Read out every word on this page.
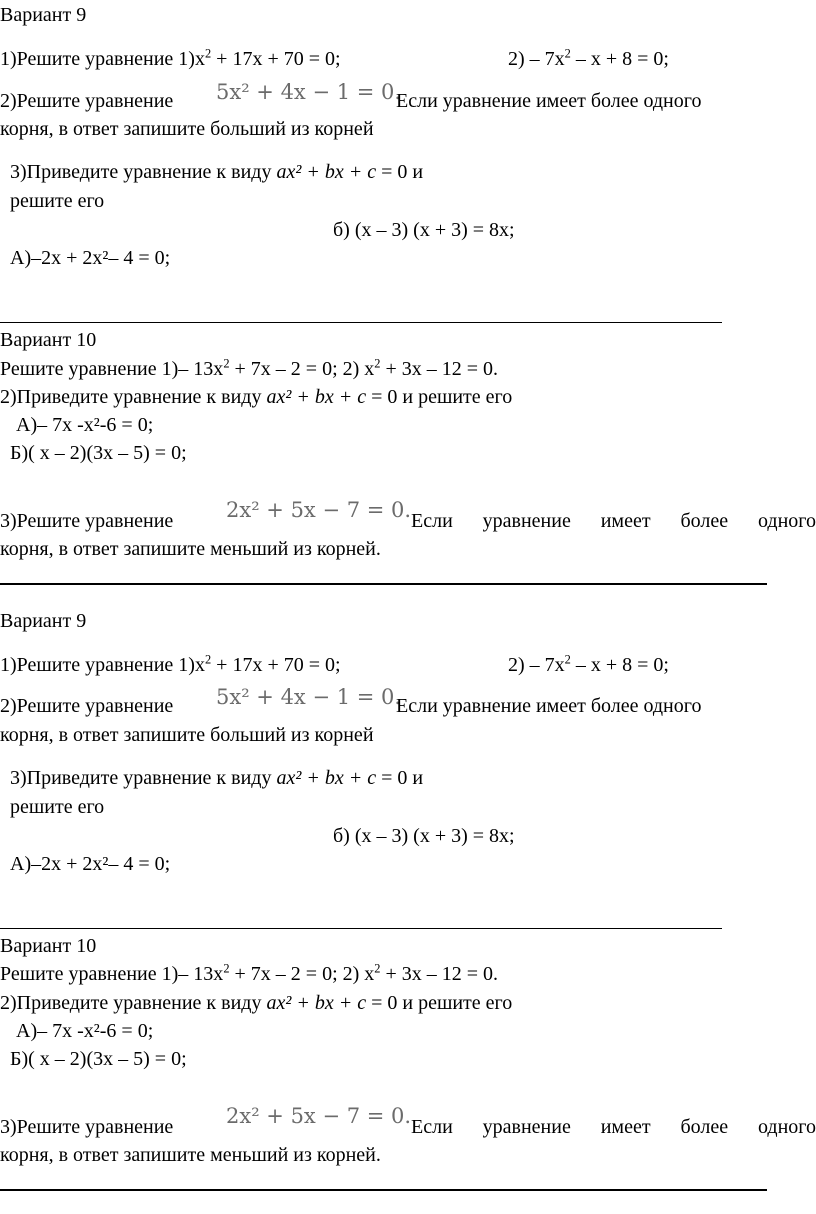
Вариант 9
1)Решите уравнение $1)x^2 + 17x + 70 = 0$;	$2) - 7x^2 - x + 8 = 0$;
2)Решите уравнение 5x² + 4x − 1 = 0.
Если уравнение имеет более одного
корня, в ответ запишите больший из корней
3)Приведите уравнение к виду ax² + bx + c = 0 и
решите его
б) (x – 3) (x + 3) = 8x;
А)–2x + 2x²– 4 = 0;
Вариант 10
Решите уравнение 1)– $13x^2 + 7x - 2 = 0$; 2) $x^2 + 3x - 12 = 0$.
2)Приведите уравнение к виду ax² + bx + c = 0 и решите его
А)– 7x -x²-6 = 0;
Б)( x – 2)(3x – 5) = 0;
3)Решите уравнение	2x² + 5x − 7 = 0. Если уравнение имеет более одного
корня, в ответ запишите меньший из корней.
Вариант 9
1)Решите уравнение $1)x^2 + 17x + 70 = 0$;	$2) - 7x^2 - x + 8 = 0$;
2)Решите уравнение 5x² + 4x − 1 = 0.
Если уравнение имеет более одного
корня, в ответ запишите больший из корней
3)Приведите уравнение к виду ax² + bx + c = 0 и
решите его
б) (x – 3) (x + 3) = 8x;
А)–2x + 2x²– 4 = 0;
Вариант 10
Решите уравнение 1)– $13x^2 + 7x - 2 = 0$; 2) $x^2 + 3x - 12 = 0$.
2)Приведите уравнение к виду ax² + bx + c = 0 и решите его
А)– 7x -x²-6 = 0;
Б)( x – 2)(3x – 5) = 0;
3)Решите уравнение	2x² + 5x − 7 = 0. Если уравнение имеет более одного
корня, в ответ запишите меньший из корней.
